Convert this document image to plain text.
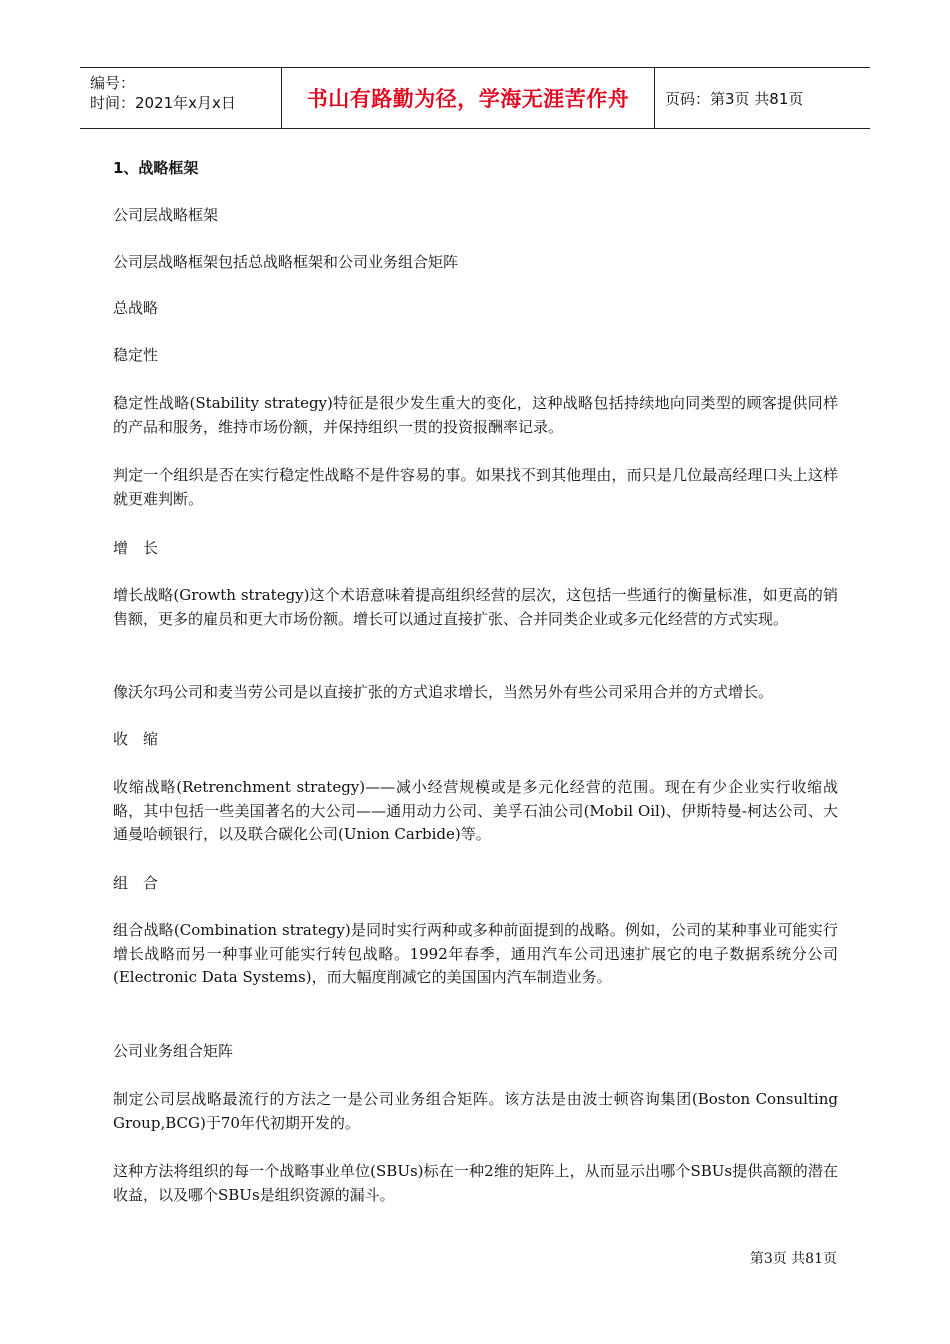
编号：
时间：2021年x月x日	书山有路勤为径，学海无涯苦作舟	页码：第3页 共81页

1、战略框架

公司层战略框架

公司层战略框架包括总战略框架和公司业务组合矩阵

总战略

稳定性

稳定性战略(Stability strategy)特征是很少发生重大的变化，这种战略包括持续地向同类型的顾客提供同样的产品和服务，维持市场份额，并保持组织一贯的投资报酬率记录。

判定一个组织是否在实行稳定性战略不是件容易的事。如果找不到其他理由，而只是几位最高经理口头上这样就更难判断。

增　长

增长战略(Growth strategy)这个术语意味着提高组织经营的层次，这包括一些通行的衡量标准，如更高的销售额，更多的雇员和更大市场份额。增长可以通过直接扩张、合并同类企业或多元化经营的方式实现。

像沃尔玛公司和麦当劳公司是以直接扩张的方式追求增长，当然另外有些公司采用合并的方式增长。

收　缩

收缩战略(Retrenchment strategy)——减小经营规模或是多元化经营的范围。现在有少企业实行收缩战略，其中包括一些美国著名的大公司——通用动力公司、美孚石油公司(Mobil Oil)、伊斯特曼-柯达公司、大通曼哈顿银行，以及联合碳化公司(Union Carbide)等。

组　合

组合战略(Combination strategy)是同时实行两种或多种前面提到的战略。例如，公司的某种事业可能实行增长战略而另一种事业可能实行转包战略。1992年春季，通用汽车公司迅速扩展它的电子数据系统分公司(Electronic Data Systems)，而大幅度削减它的美国国内汽车制造业务。

公司业务组合矩阵

制定公司层战略最流行的方法之一是公司业务组合矩阵。该方法是由波士顿咨询集团(Boston Consulting Group,BCG)于70年代初期开发的。

这种方法将组织的每一个战略事业单位(SBUs)标在一种2维的矩阵上，从而显示出哪个SBUs提供高额的潜在收益，以及哪个SBUs是组织资源的漏斗。

第3页 共81页
